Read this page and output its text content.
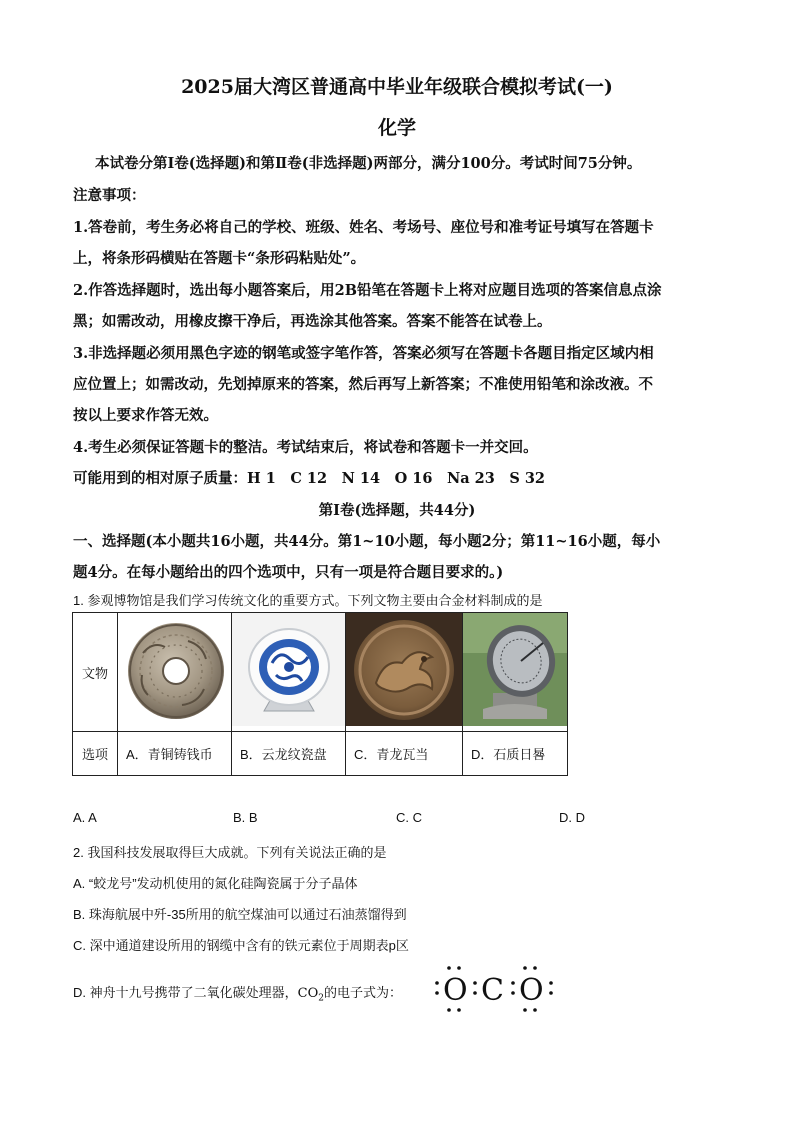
2025届大湾区普通高中毕业年级联合模拟考试(一)
化学
本试卷分第Ⅰ卷(选择题)和第Ⅱ卷(非选择题)两部分，满分100分。考试时间75分钟。
注意事项：
1.答卷前，考生务必将自己的学校、班级、姓名、考场号、座位号和准考证号填写在答题卡
上，将条形码横贴在答题卡“条形码粘贴处”。
2.作答选择题时，选出每小题答案后，用2B铅笔在答题卡上将对应题目选项的答案信息点涂
黑；如需改动，用橡皮擦干净后，再选涂其他答案。答案不能答在试卷上。
3.非选择题必须用黑色字迹的钢笔或签字笔作答，答案必须写在答题卡各题目指定区域内相
应位置上；如需改动，先划掉原来的答案，然后再写上新答案；不准使用铅笔和涂改液。不
按以上要求作答无效。
4.考生必须保证答题卡的整洁。考试结束后，将试卷和答题卡一并交回。
可能用到的相对原子质量：H 1　C 12　N 14　O 16　Na 23　S 32
第Ⅰ卷(选择题，共44分)
一、选择题(本小题共16小题，共44分。第1~10小题，每小题2分；第11~16小题，每小
题4分。在每小题给出的四个选项中，只有一项是符合题目要求的。)
1. 参观博物馆是我们学习传统文化的重要方式。下列文物主要由合金材料制成的是
文物				
选项	A．青铜铸钱币	B．云龙纹瓷盘	C．青龙瓦当	D．石质日晷
A. A	B. B	C. C	D. D
2. 我国科技发展取得巨大成就。下列有关说法正确的是
A. “蛟龙号”发动机使用的氮化硅陶瓷属于分子晶体
B. 珠海航展中歼-35所用的航空煤油可以通过石油蒸馏得到
C. 深中通道建设所用的钢缆中含有的铁元素位于周期表p区
D. 神舟十九号携带了二氧化碳处理器，$CO_2$的电子式为：	O C O
